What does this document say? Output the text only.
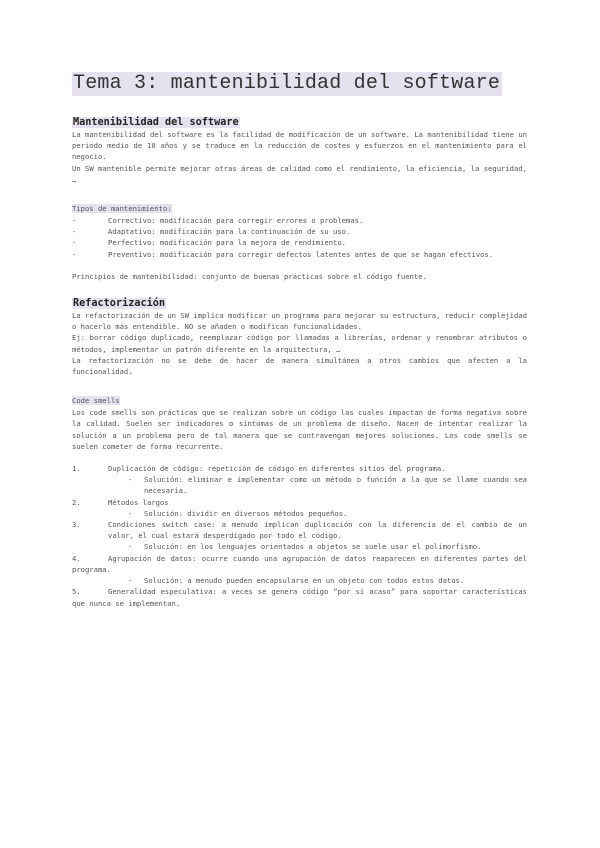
Tema 3: mantenibilidad del software
Mantenibilidad del software
La mantenibilidad del software es la facilidad de modificación de un software. La mantenibilidad tiene un periodo medio de 10 años y se traduce en la reducción de costes y esfuerzos en el mantenimiento para el negocio.
Un SW mantenible permite mejorar otras áreas de calidad como el rendimiento, la eficiencia, la seguridad, …
Tipos de mantenimiento:
-	Correctivo: modificación para corregir errores o problemas.
-	Adaptativo: modificación para la continuación de su uso.
-	Perfectivo: modificación para la mejora de rendimiento.
-	Preventivo: modificación para corregir defectos latentes antes de que se hagan efectivos.
Principios de mantenibilidad: conjunto de buenas prácticas sobre el código fuente.
Refactorización
La refactorización de un SW implica modificar un programa para mejorar su estructura, reducir complejidad o hacerlo más entendible. NO se añaden o modifican funcionalidades.
Ej: borrar código duplicado, reemplazar código por llamadas a librerías, ordenar y renombrar atributos o métodos, implementar un patrón diferente en la arquitectura, …
La refactorización no se debe de hacer de manera simultánea a otros cambios que afecten a la funcionalidad.
Code smells
Los code smells son prácticas que se realizan sobre un código las cuales impactan de forma negativa sobre la calidad. Suelen ser indicadores o síntomas de un problema de diseño. Nacen de intentar realizar la solución a un problema pero de tal manera que se contravengan mejores soluciones. Los code smells se suelen cometer de forma recurrente.
1.	Duplicación de código: repetición de código en diferentes sitios del programa.
- Solución: eliminar e implementar como un método o función a la que se llame cuando sea necesaria.
2.	Métodos largos
- Solución: dividir en diversos métodos pequeños.
3.	Condiciones switch case: a menudo implican duplicación con la diferencia de el cambio de un valor, el cual estará desperdigado por todo el código.
- Solución: en los lenguajes orientados a objetos se suele usar el polimorfismo.
4.	Agrupación de datos: ocurre cuando una agrupación de datos reaparecen en diferentes partes del programa.
- Solución: a menudo pueden encapsularse en un objeto con todos estos datos.
5.	Generalidad especulativa: a veces se genera código “por si acaso” para soportar características que nunca se implementan.
